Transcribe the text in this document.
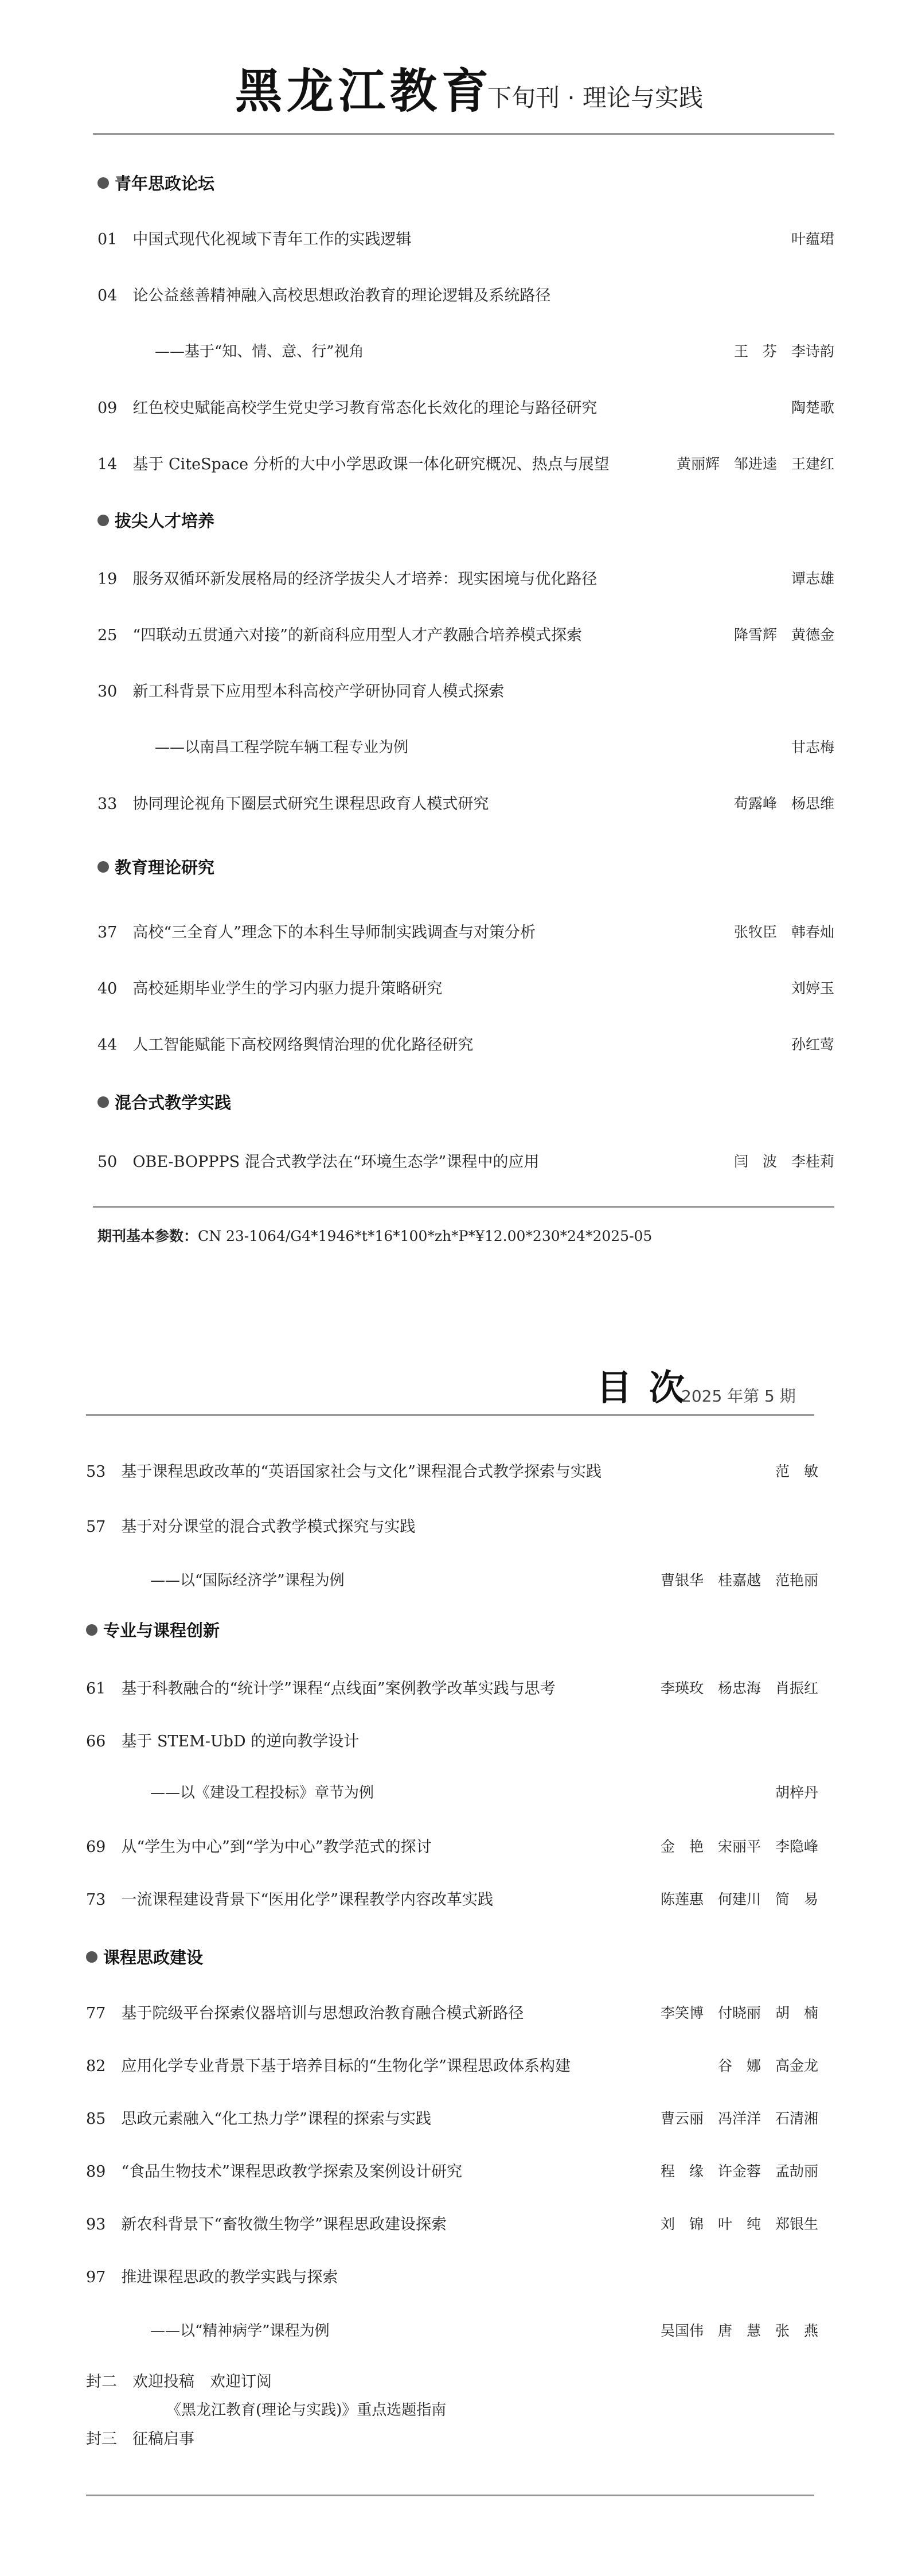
黑龙江教育
下旬刊 · 理论与实践
青年思政论坛
01　 中国式现代化视域下青年工作的实践逻辑	叶蕴珺
04　 论公益慈善精神融入高校思想政治教育的理论逻辑及系统路径
——基于“知、情、意、行”视角	王　芬　李诗韵
09　 红色校史赋能高校学生党史学习教育常态化长效化的理论与路径研究	陶楚歌
14　 基于 CiteSpace 分析的大中小学思政课一体化研究概况、热点与展望	黄丽辉　邹进逵　王建红
拔尖人才培养
19　 服务双循环新发展格局的经济学拔尖人才培养：现实困境与优化路径	谭志雄
25　 “四联动五贯通六对接”的新商科应用型人才产教融合培养模式探索	降雪辉　黄德金
30　 新工科背景下应用型本科高校产学研协同育人模式探索
——以南昌工程学院车辆工程专业为例	甘志梅
33　 协同理论视角下圈层式研究生课程思政育人模式研究	苟露峰　杨思维
教育理论研究
37　 高校“三全育人”理念下的本科生导师制实践调查与对策分析	张牧臣　韩春灿
40　 高校延期毕业学生的学习内驱力提升策略研究	刘婷玉
44　 人工智能赋能下高校网络舆情治理的优化路径研究	孙红莺
混合式教学实践
50　 OBE-BOPPPS 混合式教学法在“环境生态学”课程中的应用	闫　波　李桂莉
期刊基本参数：CN 23-1064/G4*1946*t*16*100*zh*P*¥12.00*230*24*2025-05
目次
2025 年第 5 期
53　 基于课程思政改革的“英语国家社会与文化”课程混合式教学探索与实践	范　敏
57　 基于对分课堂的混合式教学模式探究与实践
——以“国际经济学”课程为例	曹银华　桂嘉越　范艳丽
专业与课程创新
61　 基于科教融合的“统计学”课程“点线面”案例教学改革实践与思考	李瑛玫　杨忠海　肖振红
66　 基于 STEM-UbD 的逆向教学设计
——以《建设工程投标》章节为例	胡梓丹
69　 从“学生为中心”到“学为中心”教学范式的探讨	金　艳　宋丽平　李隐峰
73　 一流课程建设背景下“医用化学”课程教学内容改革实践	陈莲惠　何建川　简　易
课程思政建设
77　 基于院级平台探索仪器培训与思想政治教育融合模式新路径	李笑博　付晓丽　胡　楠
82　 应用化学专业背景下基于培养目标的“生物化学”课程思政体系构建	谷　娜　高金龙
85　 思政元素融入“化工热力学”课程的探索与实践	曹云丽　冯洋洋　石清湘
89　 “食品生物技术”课程思政教学探索及案例设计研究	程　缘　许金蓉　孟劼丽
93　 新农科背景下“畜牧微生物学”课程思政建设探索	刘　锦　叶　纯　郑银生
97　 推进课程思政的教学实践与探索
——以“精神病学”课程为例	吴国伟　唐　慧　张　燕
封二　 欢迎投稿　欢迎订阅
《黑龙江教育(理论与实践)》重点选题指南
封三　 征稿启事
